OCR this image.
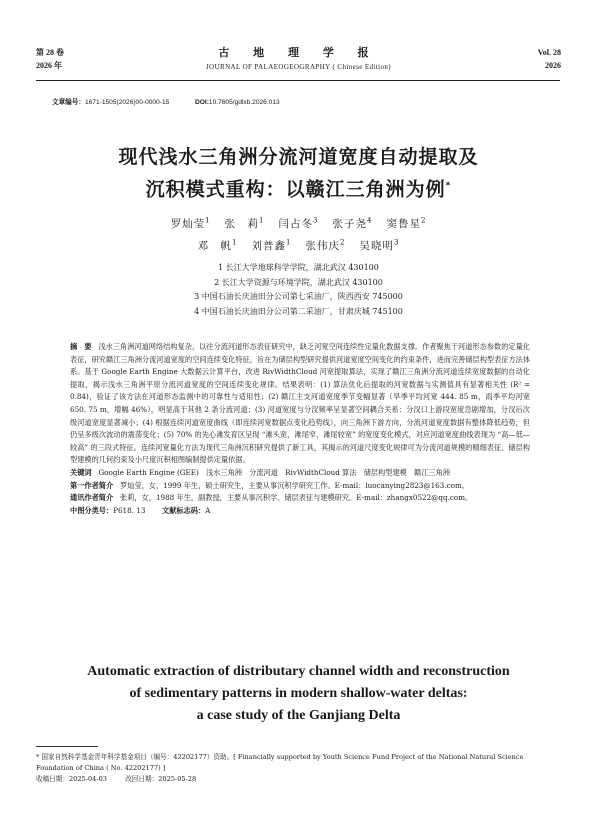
第 28 卷
2026 年
古 地 理 学 报
JOURNAL OF PALAEOGEOGRAPHY ( Chinese Edition)
Vol. 28
2026
文章编号：1671-1505(2026)00-0000-15	DOI:10.7605/gdlxb.2026.013
现代浅水三角洲分流河道宽度自动提取及
沉积模式重构：以赣江三角洲为例*
罗灿莹$^1$ 张　莉$^1$ 闫占冬$^3$ 张子尧$^4$ 窦鲁星$^2$
邓　帆$^1$ 刘普鑫$^1$ 张伟庆$^2$ 吴晓明$^3$
1 长江大学地球科学学院，湖北武汉 430100
2 长江大学资源与环境学院，湖北武汉 430100
3 中国石油长庆油田分公司第七采油厂，陕西西安 745000
4 中国石油长庆油田分公司第二采油厂，甘肃庆城 745100

摘　要 浅水三角洲河道网络结构复杂，以往分流河道形态表征研究中，缺乏河宽空间连续性定量化数据支撑。作者聚焦于河道形态参数的定量化表征，研究赣江三角洲分流河道宽度的空间连续变化特征，旨在为储层构型研究提供河道宽度空间变化的约束条件，进而完善储层构型表征方法体系。基于 Google Earth Engine 大数据云计算平台，改进 RivWidthCloud 河宽提取算法，实现了赣江三角洲分流河道连续宽度数据的自动化提取，揭示浅水三角洲平原分流河道宽度的空间连续变化规律。结果表明：(1) 算法优化后提取的河宽数据与实测值具有显著相关性 (R² = 0.84)，验证了该方法在河道形态监测中的可靠性与适用性；(2) 赣江主支河道宽度季节变幅显著（旱季平均河宽 444. 85 m，雨季平均河宽 650. 75 m，增幅 46%），明显高于其他 2 条分流河道；(3) 河道宽度与分汊频率呈显著空间耦合关系：分汊口上游段宽度急剧增加，分汊后次级河道宽度显著减小；(4) 根据连续河道宽度曲线（即连续河宽数据点变化趋势线），向三角洲下游方向，分流河道宽度数据有整体降低趋势，但仍呈多级次波动的震荡变化；(5) 70% 的先心滩发育区呈现 “滩头宽，滩尾窄，滩尾较宽” 的宽度变化模式，对应河道宽度曲线表现为 “高—低—较高” 的三段式特征。连续河宽量化方法为现代三角洲沉积研究提供了新工具，其揭示的河道尺度变化规律可为分流河道规模的精细表征、储层构型建模的几何约束及小尺度沉积相图编制提供定量依据。

关键词 Google Earth Engine (GEE)　浅水三角洲　分流河道　RivWidthCloud 算法　储层构型建模　赣江三角洲

第一作者简介 罗灿莹，女，1999 年生，硕士研究生，主要从事沉积学研究工作。E-mail：luocanying2823@163.com。

通讯作者简介 张莉，女，1988 年生，副教授，主要从事沉积学、储层表征与建模研究。E-mail：zhangx0522@qq.com。

中图分类号：P618. 13 文献标志码：A

Automatic extraction of distributary channel width and reconstruction
of sedimentary patterns in modern shallow-water deltas:
a case study of the Ganjiang Delta
* 国家自然科学基金青年科学基金项目（编号：42202177）资助。[ Financially supported by Youth Science Fund Project of the National Natural Science Foundation of China ( No. 42202177) ]
收稿日期：2025-04-03	改回日期：2025-05-28
